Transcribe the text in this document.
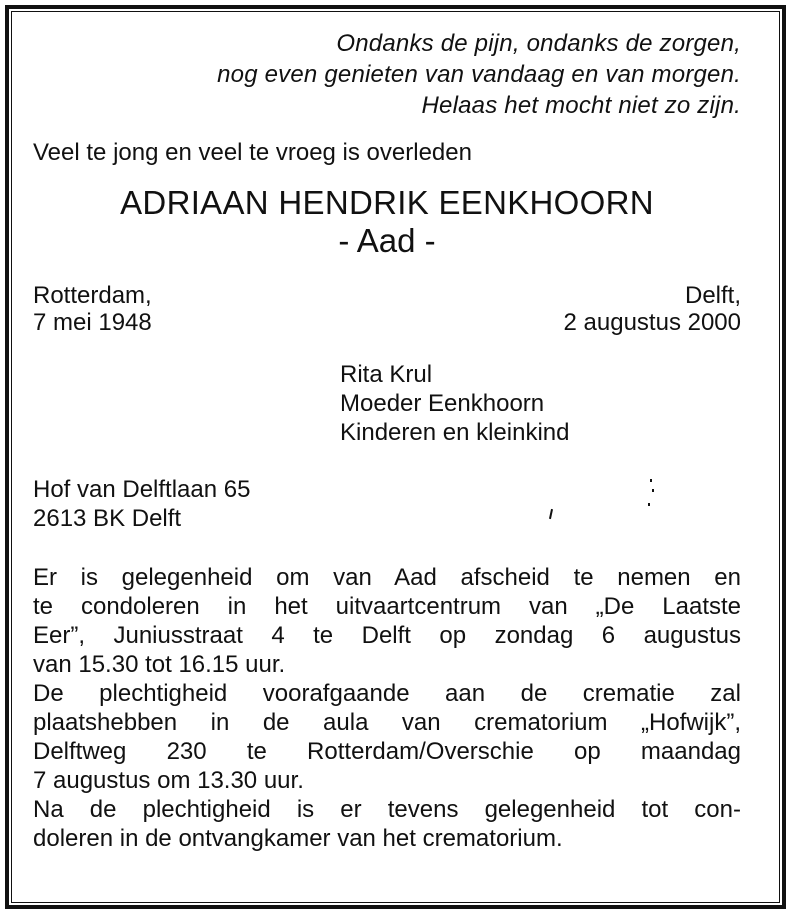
Ondanks de pijn, ondanks de zorgen,
nog even genieten van vandaag en van morgen.
Helaas het mocht niet zo zijn.
Veel te jong en veel te vroeg is overleden
ADRIAAN HENDRIK EENKHOORN
- Aad -
Rotterdam,
7 mei 1948
Delft,
2 augustus 2000
Rita Krul
Moeder Eenkhoorn
Kinderen en kleinkind
Hof van Delftlaan 65
2613 BK Delft

Er is gelegenheid om van Aad afscheid te nemen en
te condoleren in het uitvaartcentrum van „De Laatste
Eer”, Juniusstraat 4 te Delft op zondag 6 augustus
van 15.30 tot 16.15 uur.

De plechtigheid voorafgaande aan de crematie zal
plaatshebben in de aula van crematorium „Hofwijk”,
Delftweg 230 te Rotterdam/Overschie op maandag
7 augustus om 13.30 uur.

Na de plechtigheid is er tevens gelegenheid tot con-
doleren in de ontvangkamer van het crematorium.
